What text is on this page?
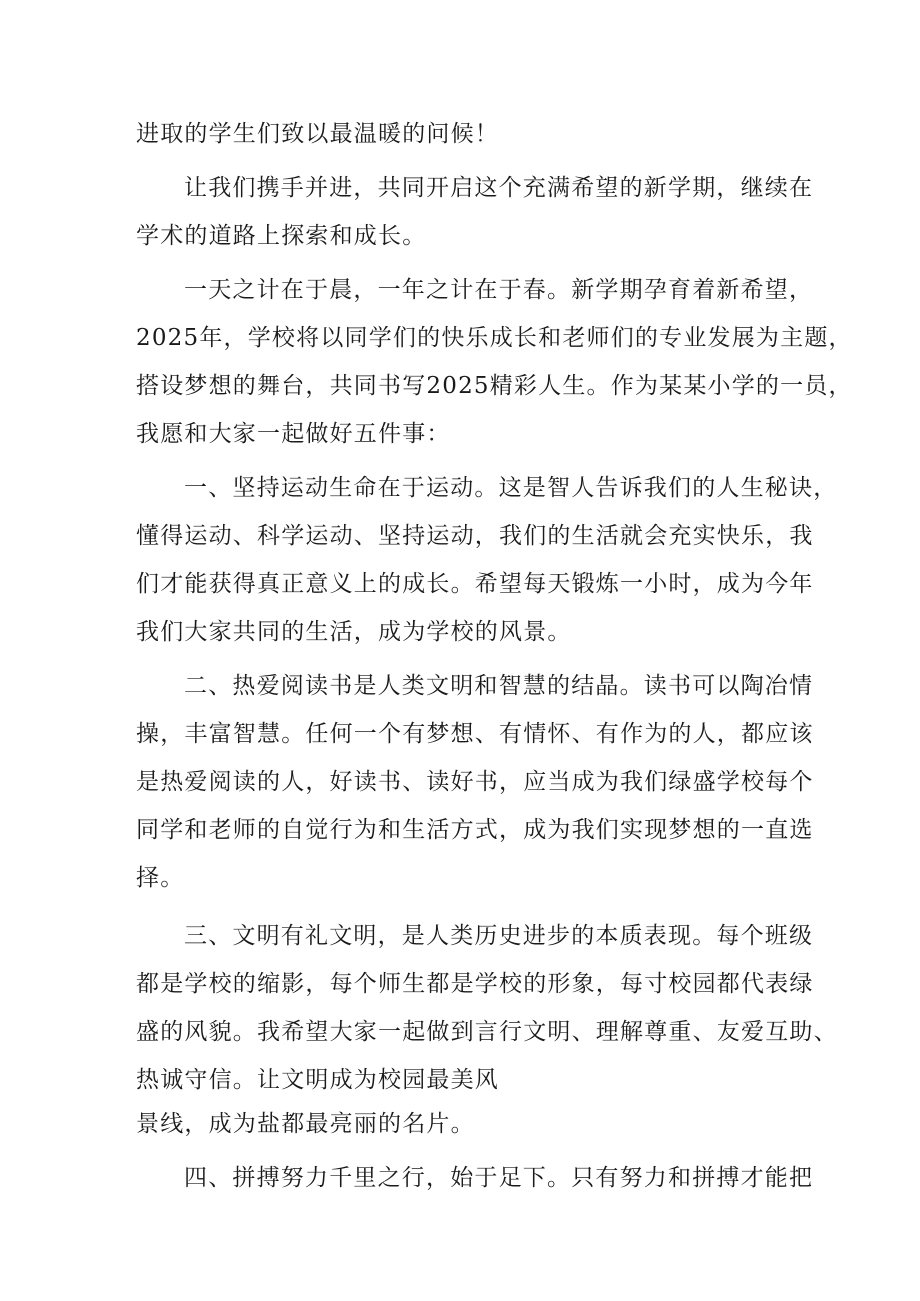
进取的学生们致以最温暖的问候！
让我们携手并进，共同开启这个充满希望的新学期，继续在
学术的道路上探索和成长。
一天之计在于晨，一年之计在于春。新学期孕育着新希望，
2025年，学校将以同学们的快乐成长和老师们的专业发展为主题，
搭设梦想的舞台，共同书写2025精彩人生。作为某某小学的一员，
我愿和大家一起做好五件事：
一、坚持运动生命在于运动。这是智人告诉我们的人生秘诀，
懂得运动、科学运动、坚持运动，我们的生活就会充实快乐，我
们才能获得真正意义上的成长。希望每天锻炼一小时，成为今年
我们大家共同的生活，成为学校的风景。
二、热爱阅读书是人类文明和智慧的结晶。读书可以陶冶情
操，丰富智慧。任何一个有梦想、有情怀、有作为的人，都应该
是热爱阅读的人，好读书、读好书，应当成为我们绿盛学校每个
同学和老师的自觉行为和生活方式，成为我们实现梦想的一直选
择。
三、文明有礼文明，是人类历史进步的本质表现。每个班级
都是学校的缩影，每个师生都是学校的形象，每寸校园都代表绿
盛的风貌。我希望大家一起做到言行文明、理解尊重、友爱互助、
热诚守信。让文明成为校园最美风
景线，成为盐都最亮丽的名片。
四、拼搏努力千里之行，始于足下。只有努力和拼搏才能把
